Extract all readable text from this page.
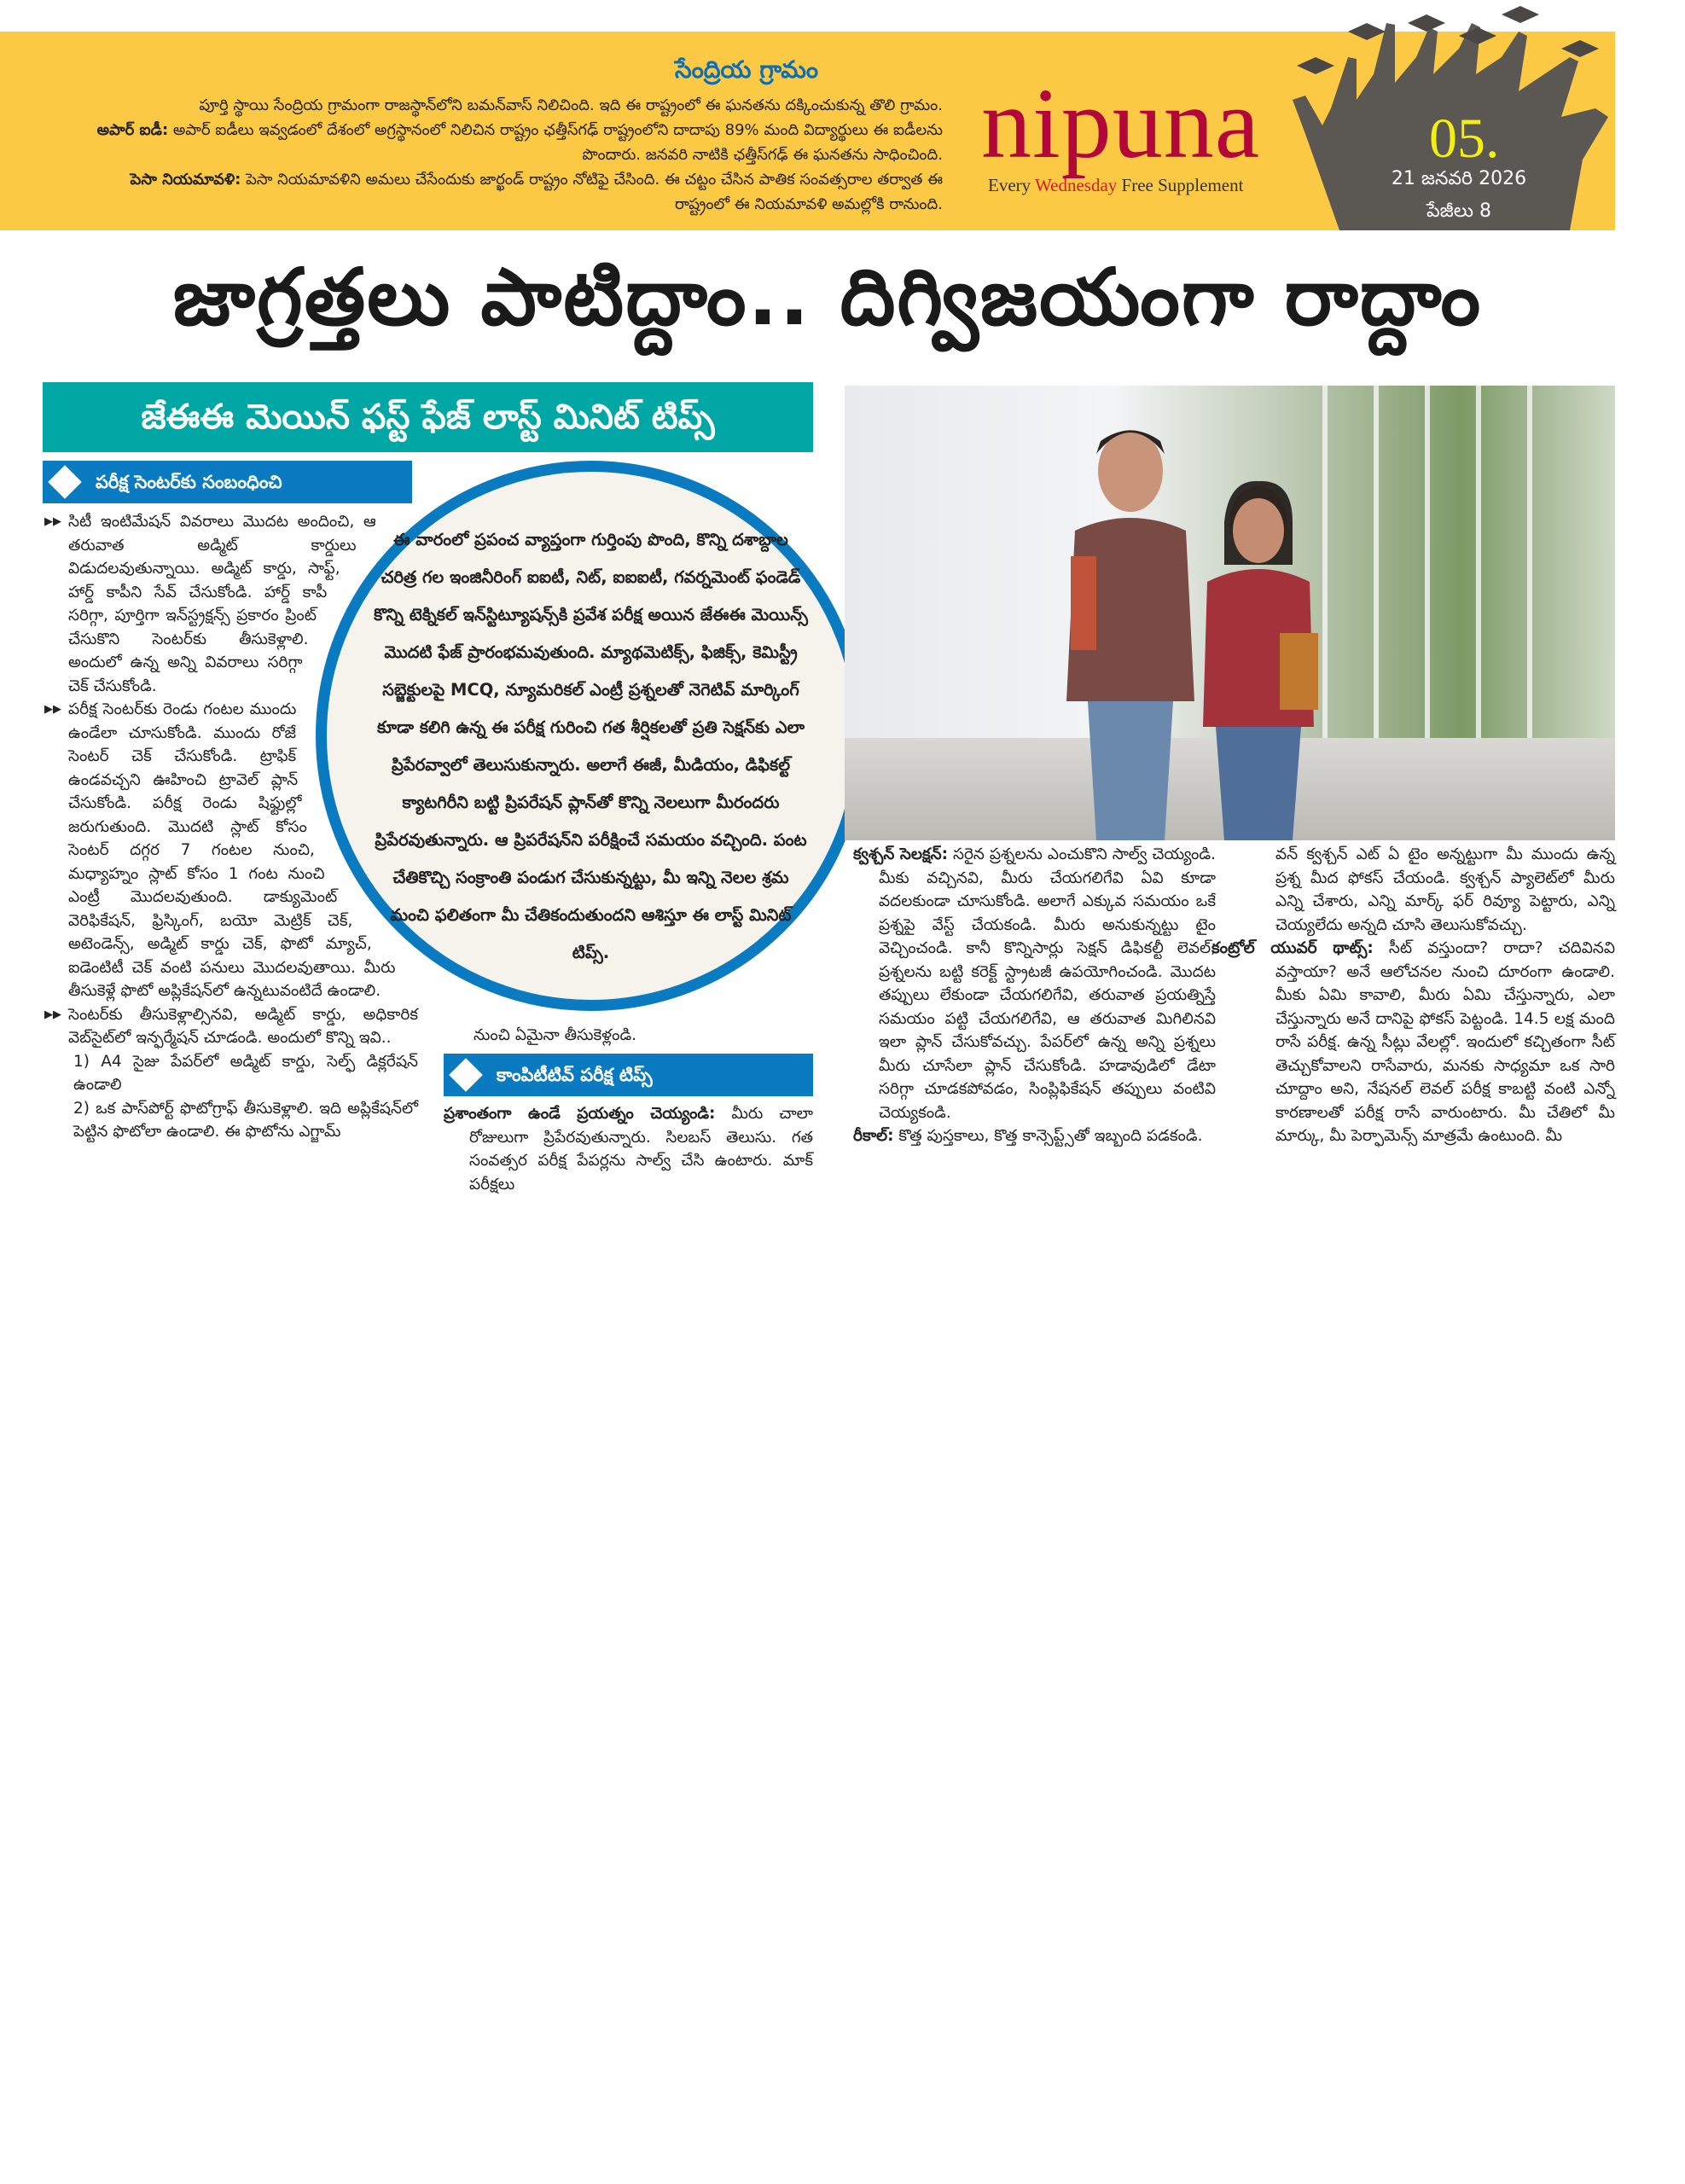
సేంద్రియ గ్రామం
పూర్తి స్థాయి సేంద్రియ గ్రామంగా రాజస్థాన్‌లోని బమన్‌వాస్ నిలిచింది. ఇది ఈ రాష్ట్రంలో ఈ ఘనతను దక్కించుకున్న తొలి గ్రామం.
అపార్ ఐడీ: అపార్ ఐడీలు ఇవ్వడంలో దేశంలో అగ్రస్థానంలో నిలిచిన రాష్ట్రం ఛత్తీస్‌గఢ్ రాష్ట్రంలోని దాదాపు 89% మంది విద్యార్థులు ఈ ఐడీలను పొందారు. జనవరి నాటికి ఛత్తీస్‌గఢ్ ఈ ఘనతను సాధించింది.
పెసా నియమావళి: పెసా నియమావళిని అమలు చేసేందుకు జార్ఖండ్ రాష్ట్రం నోటిఫై చేసింది. ఈ చట్టం చేసిన పాతిక సంవత్సరాల తర్వాత ఈ రాష్ట్రంలో ఈ నియమావళి అమల్లోకి రానుంది.
nipuna
Every Wednesday Free Supplement
05.
21 జనవరి 2026
పేజీలు 8
జాగ్రత్తలు పాటిద్దాం.. దిగ్విజయంగా రాద్దాం
జేఈఈ మెయిన్ ఫస్ట్ ఫేజ్ లాస్ట్ మినిట్ టిప్స్
పరీక్ష సెంటర్‌కు సంబంధించి
▶▶ సిటీ ఇంటిమేషన్ వివరాలు మొదట అందించి, ఆ తరువాత అడ్మిట్ కార్డులు విడుదలవుతున్నాయి. అడ్మిట్ కార్డు, సాఫ్ట్, హార్డ్ కాపీని సేవ్ చేసుకోండి. హార్డ్ కాపీ సరిగ్గా, పూర్తిగా ఇన్‌స్ట్రక్షన్స్ ప్రకారం ప్రింట్ చేసుకొని సెంటర్‌కు తీసుకెళ్లాలి. అందులో ఉన్న అన్ని వివరాలు సరిగ్గా చెక్ చేసుకోండి.
▶▶ పరీక్ష సెంటర్‌కు రెండు గంటల ముందు ఉండేలా చూసుకోండి. ముందు రోజే సెంటర్ చెక్ చేసుకోండి. ట్రాఫిక్ ఉండవచ్చని ఊహించి ట్రావెల్ ప్లాన్ చేసుకోండి. పరీక్ష రెండు షిఫ్టుల్లో జరుగుతుంది. మొదటి స్లాట్ కోసం సెంటర్ దగ్గర 7 గంటల నుంచి, మధ్యాహ్నం స్లాట్ కోసం 1 గంట నుంచి ఎంట్రీ మొదలవుతుంది. డాక్యుమెంట్ వెరిఫికేషన్, ఫ్రిస్కింగ్, బయో మెట్రిక్ చెక్, అటెండెన్స్, అడ్మిట్ కార్డు చెక్, ఫొటో మ్యాచ్, ఐడెంటిటీ చెక్ వంటి పనులు మొదలవుతాయి. మీరు తీసుకెళ్లే ఫొటో అప్లికేషన్‌లో ఉన్నటువంటిదే ఉండాలి.
▶▶ సెంటర్‌కు తీసుకెళ్లాల్సినవి, అడ్మిట్ కార్డు, అధికారిక వెబ్‌సైట్‌లో ఇన్ఫర్మేషన్ చూడండి. అందులో కొన్ని ఇవి..
1) A4 సైజు పేపర్‌లో అడ్మిట్ కార్డు, సెల్ఫ్ డిక్లరేషన్ ఉండాలి
2) ఒక పాస్‌పోర్ట్ ఫొటోగ్రాఫ్ తీసుకెళ్లాలి. ఇది అప్లికేషన్‌లో పెట్టిన ఫొటోలా ఉండాలి. ఈ ఫొటోను ఎగ్జామ్

ఈ వారంలో ప్రపంచ వ్యాప్తంగా గుర్తింపు పొంది, కొన్ని దశాబ్దాల చరిత్ర గల ఇంజినీరింగ్ ఐఐటీ, నిట్, ఐఐఐటీ, గవర్నమెంట్ ఫండెడ్ కొన్ని టెక్నికల్ ఇన్‌స్టిట్యూషన్స్‌కి ప్రవేశ పరీక్ష అయిన జేఈఈ మెయిన్స్ మొదటి ఫేజ్ ప్రారంభమవుతుంది. మ్యాథమెటిక్స్, ఫిజిక్స్, కెమిస్ట్రీ సబ్జెక్టులపై MCQ, న్యూమరికల్ ఎంట్రీ ప్రశ్నలతో నెగెటివ్ మార్కింగ్ కూడా కలిగి ఉన్న ఈ పరీక్ష గురించి గత శీర్షికలతో ప్రతి సెక్షన్‌కు ఎలా ప్రిపేరవ్వాలో తెలుసుకున్నారు. అలాగే ఈజీ, మీడియం, డిఫికల్ట్ క్యాటగిరీని బట్టి ప్రిపరేషన్ ప్లాన్‌తో కొన్ని నెలలుగా మీరందరు ప్రిపేరవుతున్నారు. ఆ ప్రిపరేషన్‌ని పరీక్షించే సమయం వచ్చింది. పంట చేతికొచ్చి సంక్రాంతి పండుగ చేసుకున్నట్టు, మీ ఇన్ని నెలల శ్రమ మంచి ఫలితంగా మీ చేతికందుతుందని ఆశిస్తూ ఈ లాస్ట్ మినిట్ టిప్స్.

నుంచి ఏమైనా తీసుకెళ్లండి.
కాంపిటీటివ్ పరీక్ష టిప్స్
ప్రశాంతంగా ఉండే ప్రయత్నం చెయ్యండి: మీరు చాలా రోజులుగా ప్రిపేరవుతున్నారు. సిలబస్ తెలుసు. గత సంవత్సర పరీక్ష పేపర్లను సాల్వ్ చేసి ఉంటారు. మాక్ పరీక్షలు
క్వశ్చన్ సెలక్షన్: సరైన ప్రశ్నలను ఎంచుకొని సాల్వ్ చెయ్యండి. మీకు వచ్చినవి, మీరు చేయగలిగేవి ఏవి కూడా వదలకుండా చూసుకోండి. అలాగే ఎక్కువ సమయం ఒకే ప్రశ్నపై వేస్ట్ చేయకండి. మీరు అనుకున్నట్టు టైం వెచ్చించండి. కానీ కొన్నిసార్లు సెక్షన్ డిఫికల్టీ లెవల్, ప్రశ్నలను బట్టి కరెక్ట్ స్ట్రాటజీ ఉపయోగించండి. మొదట తప్పులు లేకుండా చేయగలిగేవి, తరువాత ప్రయత్నిస్తే సమయం పట్టి చేయగలిగేవి, ఆ తరువాత మిగిలినవి ఇలా ప్లాన్ చేసుకోవచ్చు. పేపర్‌లో ఉన్న అన్ని ప్రశ్నలు మీరు చూసేలా ప్లాన్ చేసుకోండి. హడావుడిలో డేటా సరిగ్గా చూడకపోవడం, సింప్లిఫికేషన్ తప్పులు వంటివి చెయ్యకండి.
రీకాల్: కొత్త పుస్తకాలు, కొత్త కాన్సెప్ట్స్‌తో ఇబ్బంది పడకండి.
వన్ క్వశ్చన్ ఎట్ ఏ టైం అన్నట్టుగా మీ ముందు ఉన్న ప్రశ్న మీద ఫోకస్ చేయండి. క్వశ్చన్ ప్యాలెట్‌లో మీరు ఎన్ని చేశారు, ఎన్ని మార్క్ ఫర్ రివ్యూ పెట్టారు, ఎన్ని చెయ్యలేదు అన్నది చూసి తెలుసుకోవచ్చు.
కంట్రోల్ యువర్ థాట్స్: సీట్ వస్తుందా? రాదా? చదివినవి వస్తాయా? అనే ఆలోచనల నుంచి దూరంగా ఉండాలి. మీకు ఏమి కావాలి, మీరు ఏమి చేస్తున్నారు, ఎలా చేస్తున్నారు అనే దానిపై ఫోకస్ పెట్టండి. 14.5 లక్ష మంది రాసే పరీక్ష. ఉన్న సీట్లు వేలల్లో. ఇందులో కచ్చితంగా సీట్ తెచ్చుకోవాలని రాసేవారు, మనకు సాధ్యమా ఒక సారి చూద్దాం అని, నేషనల్ లెవల్ పరీక్ష కాబట్టి వంటి ఎన్నో కారణాలతో పరీక్ష రాసే వారుంటారు. మీ చేతిలో మీ మార్కు, మీ పెర్ఫామెన్స్ మాత్రమే ఉంటుంది. మీ
